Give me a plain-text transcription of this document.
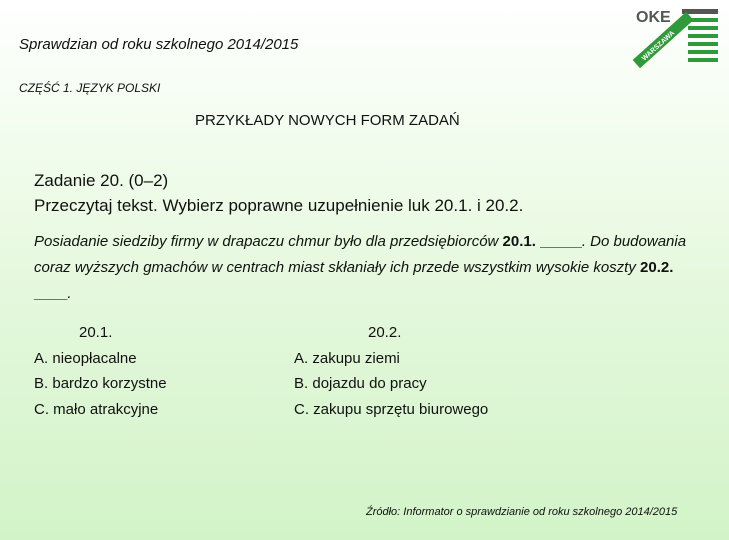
Sprawdzian od roku szkolnego 2014/2015
OKE
WARSZAWA
CZĘŚĆ 1. JĘZYK POLSKI
PRZYKŁADY NOWYCH FORM ZADAŃ
Zadanie 20. (0–2)
Przeczytaj tekst. Wybierz poprawne uzupełnienie luk 20.1. i 20.2.
Posiadanie siedziby firmy w drapaczu chmur było dla przedsiębiorców 20.1. _____. Do budowania coraz wyższych gmachów w centrach miast skłaniały ich przede wszystkim wysokie koszty 20.2. ____.
20.1.
A. nieopłacalne
B. bardzo korzystne
C. mało atrakcyjne
20.2.
A. zakupu ziemi
B. dojazdu do pracy
C. zakupu sprzętu biurowego
Źródło: Informator o sprawdzianie od roku szkolnego 2014/2015
